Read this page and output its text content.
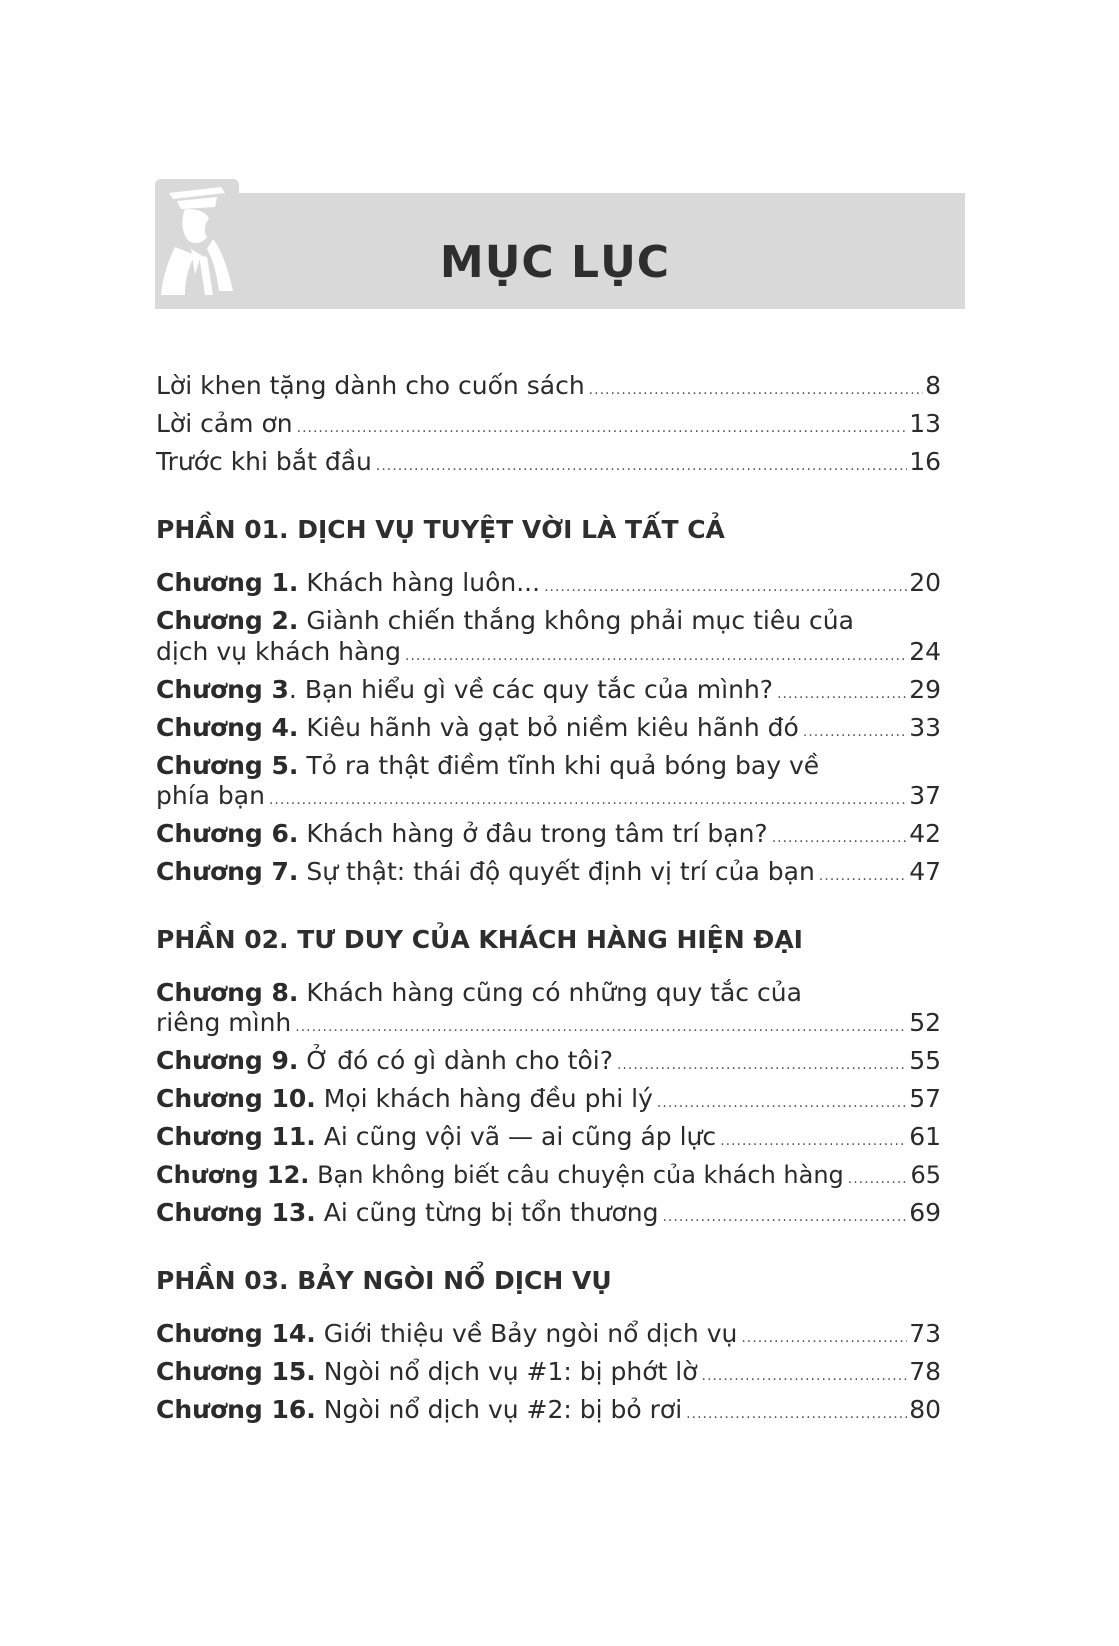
MỤC LỤC
Lời khen tặng dành cho cuốn sách .....	8
Lời cảm ơn .....	13
Trước khi bắt đầu .....	16
PHẦN 01. DỊCH VỤ TUYỆT VỜI LÀ TẤT CẢ
Chương 1. Khách hàng luôn... .....	20
Chương 2. Giành chiến thắng không phải mục tiêu của
dịch vụ khách hàng .....	24
Chương 3. Bạn hiểu gì về các quy tắc của mình? .....	29
Chương 4. Kiêu hãnh và gạt bỏ niềm kiêu hãnh đó .....	33
Chương 5. Tỏ ra thật điềm tĩnh khi quả bóng bay về
phía bạn .....	37
Chương 6. Khách hàng ở đâu trong tâm trí bạn? .....	42
Chương 7. Sự thật: thái độ quyết định vị trí của bạn .....	47
PHẦN 02. TƯ DUY CỦA KHÁCH HÀNG HIỆN ĐẠI
Chương 8. Khách hàng cũng có những quy tắc của
riêng mình .....	52
Chương 9. Ở đó có gì dành cho tôi? .....	55
Chương 10. Mọi khách hàng đều phi lý .....	57
Chương 11. Ai cũng vội vã — ai cũng áp lực .....	61
Chương 12. Bạn không biết câu chuyện của khách hàng .....	65
Chương 13. Ai cũng từng bị tổn thương .....	69
PHẦN 03. BẢY NGÒI NỔ DỊCH VỤ
Chương 14. Giới thiệu về Bảy ngòi nổ dịch vụ .....	73
Chương 15. Ngòi nổ dịch vụ #1: bị phớt lờ .....	78
Chương 16. Ngòi nổ dịch vụ #2: bị bỏ rơi .....	80
